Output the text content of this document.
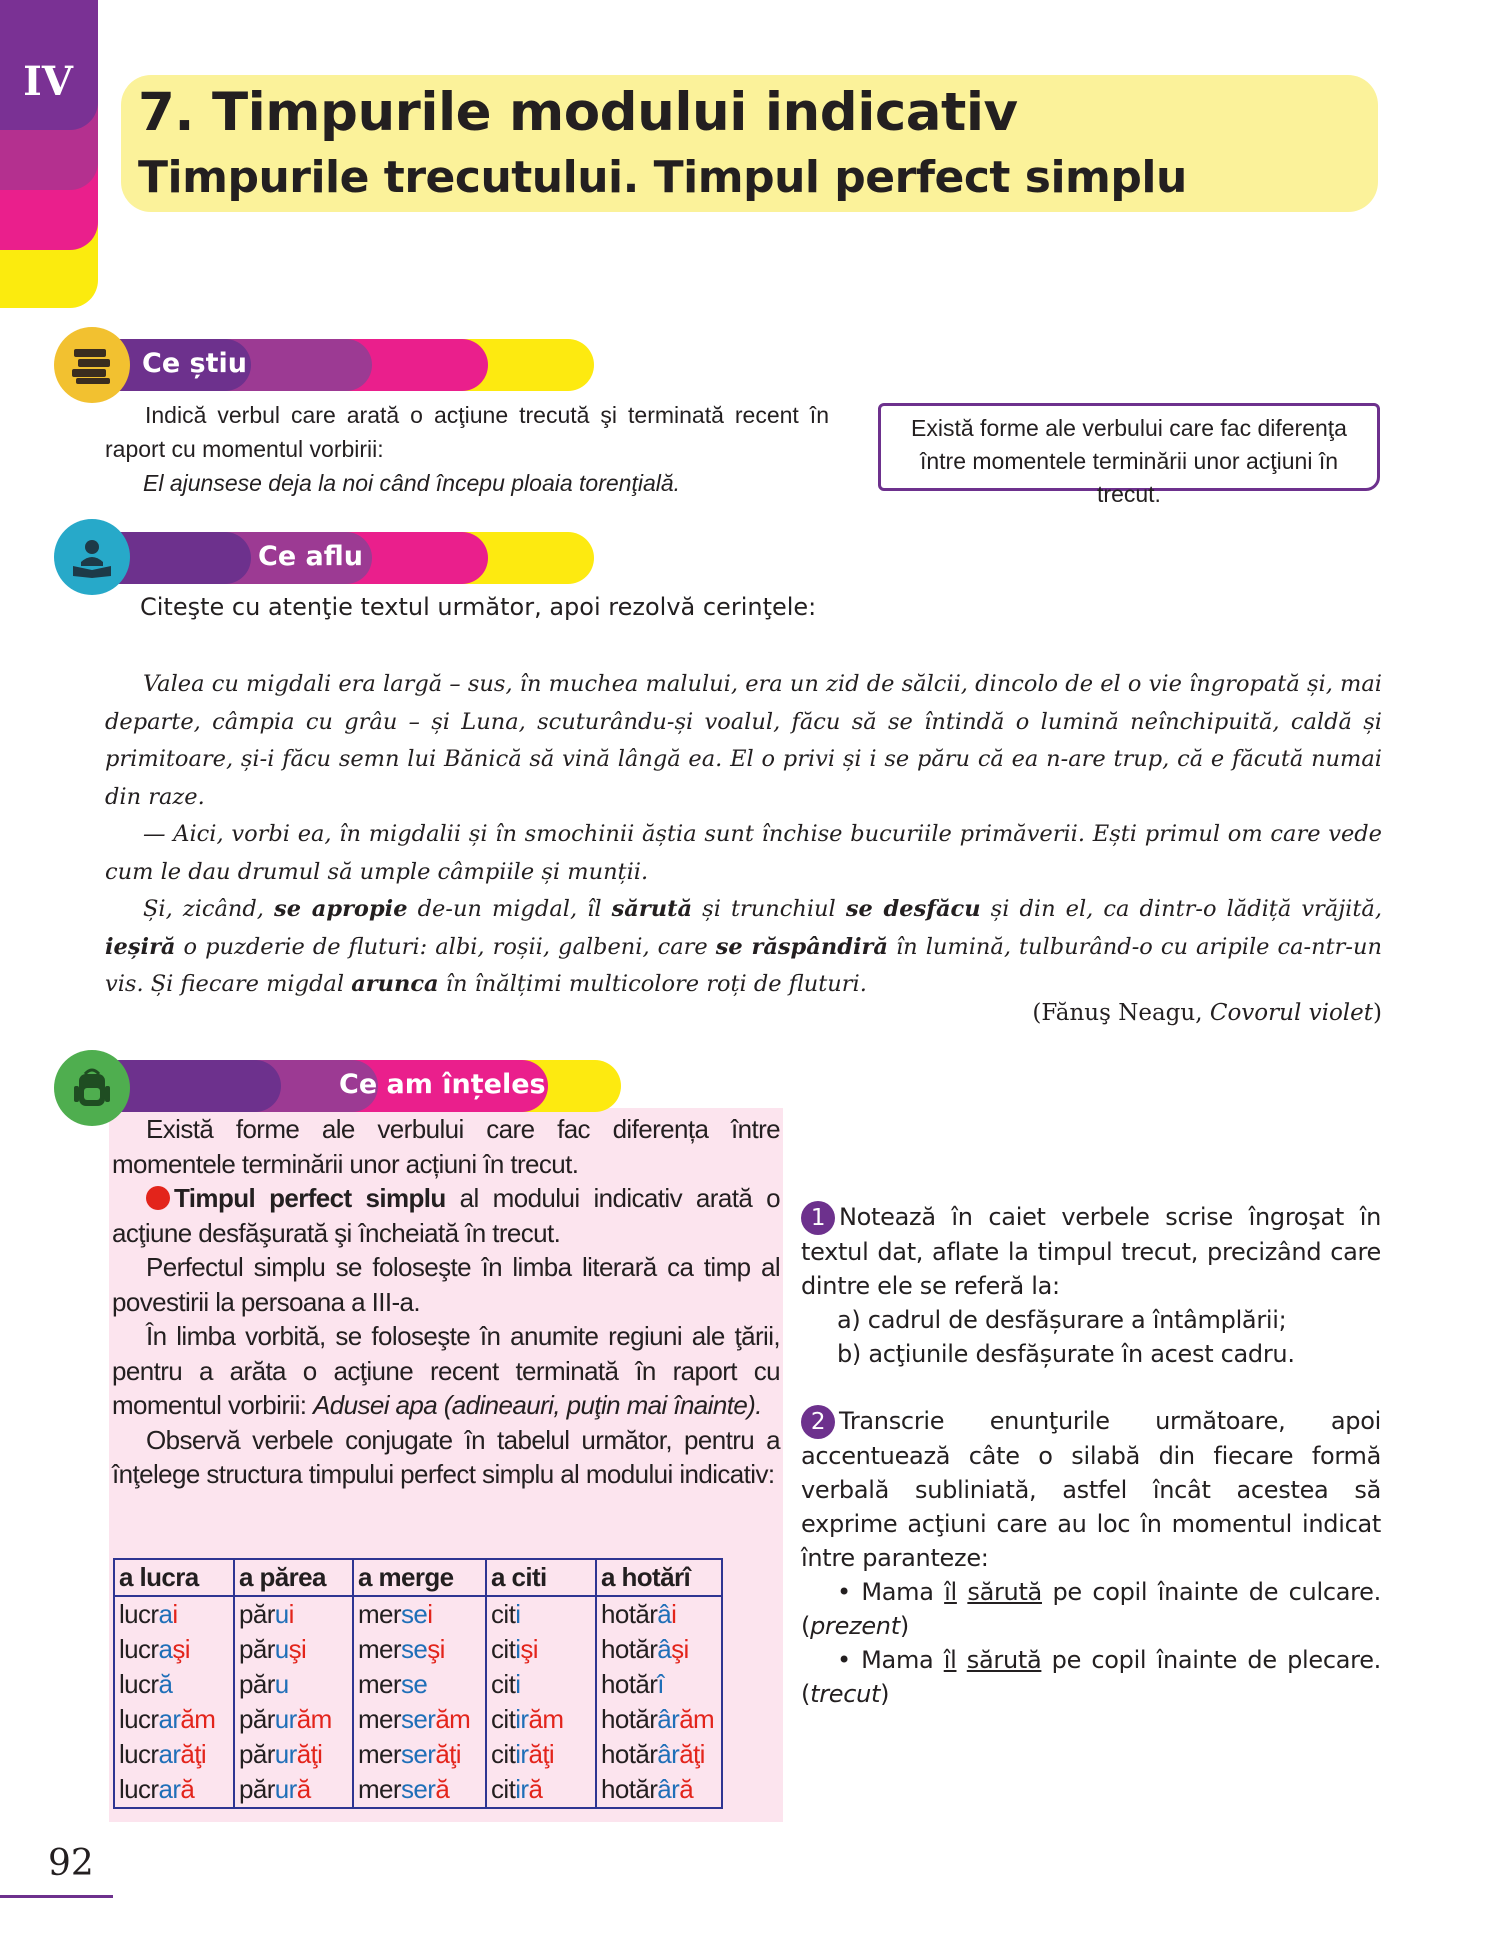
IV
7. Timpurile modului indicativ
Timpurile trecutului. Timpul perfect simplu
Ce știu
Indică verbul care arată o acţiune trecută şi terminată recent în raport cu momentul vorbirii:
El ajunsese deja la noi când începu ploaia torenţială.
Există forme ale verbului care fac diferenţa între momentele terminării unor acţiuni în trecut.
Ce aflu
Citeşte cu atenţie textul următor, apoi rezolvă cerinţele:

Valea cu migdali era largă – sus, în muchea malului, era un zid de sălcii, dincolo de el o vie îngropată și, mai departe, câmpia cu grâu – și Luna, scuturându-și voalul, făcu să se întindă o lumină neînchipuită, caldă și primitoare, și-i făcu semn lui Bănică să vină lângă ea. El o privi și i se păru că ea n-are trup, că e făcută numai din raze.

— Aici, vorbi ea, în migdalii și în smochinii ăștia sunt închise bucuriile primăverii. Ești primul om care vede cum le dau drumul să umple câmpiile și munții.

Și, zicând, se apropie de-un migdal, îl sărută și trunchiul se desfăcu și din el, ca dintr-o lădiță vrăjită, ieșiră o puzderie de fluturi: albi, roșii, galbeni, care se răspândiră în lumină, tulburând-o cu aripile ca-ntr-un vis. Și fiecare migdal arunca în înălțimi multicolore roți de fluturi.

(Fănuş Neagu, Covorul violet)
Ce am înțeles

Există forme ale verbului care fac diferența între momentele terminării unor acțiuni în trecut.

Timpul perfect simplu al modului indicativ arată o acţiune desfăşurată şi încheiată în trecut.

Perfectul simplu se foloseşte în limba literară ca timp al povestirii la persoana a III-a.

În limba vorbită, se foloseşte în anumite regiuni ale ţării, pentru a arăta o acţiune recent terminată în raport cu momentul vorbirii: Adusei apa (adineauri, puţin mai înainte).

Observă verbele conjugate în tabelul următor, pentru a înţelege structura timpului perfect simplu al modului indicativ:

a lucra	a părea	a merge	a citi	a hotărî
lucrai	părui	mersei	citi	hotărâi
lucraşi	păruşi	merseşi	citişi	hotărâşi
lucră	păru	merse	citi	hotărî
lucrarăm	părurăm	merserăm	citirăm	hotărârăm
lucrarăţi	părurăţi	merserăţi	citirăţi	hotărârăţi
lucrară	părură	merseră	citiră	hotărâră

1 Notează în caiet verbele scrise îngroşat în textul dat, aflate la timpul trecut, precizând care dintre ele se referă la:

a) cadrul de desfășurare a întâmplării;

b) acţiunile desfășurate în acest cadru.

2 Transcrie enunţurile următoare, apoi accentuează câte o silabă din fiecare formă verbală subliniată, astfel încât acestea să exprime acţiuni care au loc în momentul indicat între paranteze:

• Mama îl sărută pe copil înainte de culcare. (prezent)

• Mama îl sărută pe copil înainte de plecare. (trecut)

92
